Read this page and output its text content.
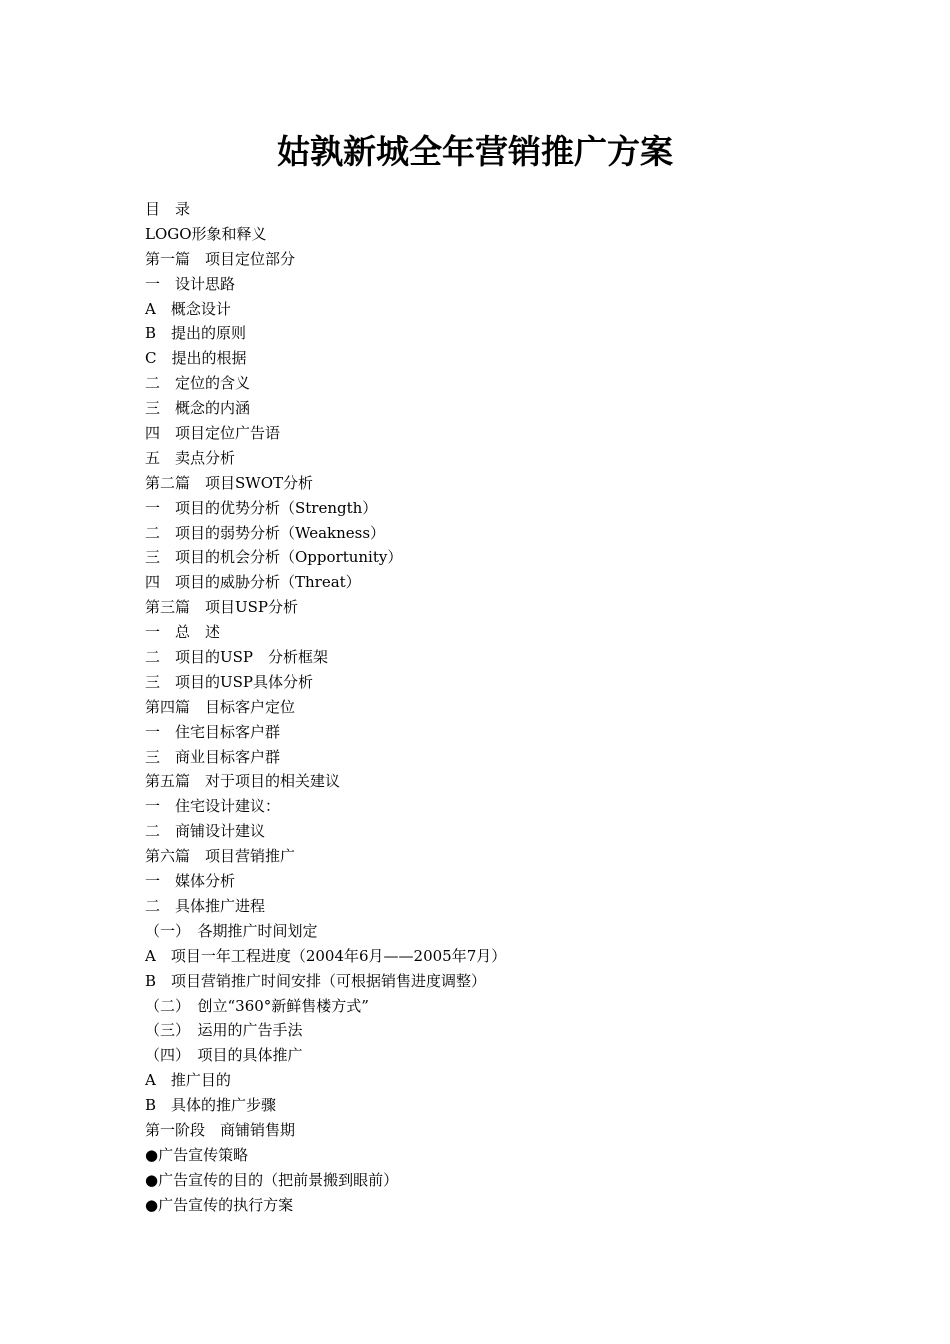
姑孰新城全年营销推广方案
目　录
LOGO形象和释义
第一篇　项目定位部分
一　设计思路
A　概念设计
B　提出的原则
C　提出的根据
二　定位的含义
三　概念的内涵
四　项目定位广告语
五　卖点分析
第二篇　项目SWOT分析
一　项目的优势分析（Strength）
二　项目的弱势分析（Weakness）
三　项目的机会分析（Opportunity）
四　项目的威胁分析（Threat）
第三篇　项目USP分析
一　总　述
二　项目的USP　分析框架
三　项目的USP具体分析
第四篇　目标客户定位
一　住宅目标客户群
三　商业目标客户群
第五篇　对于项目的相关建议
一　住宅设计建议：
二　商铺设计建议
第六篇　项目营销推广
一　媒体分析
二　具体推广进程
（一）　各期推广时间划定
A　项目一年工程进度（2004年6月——2005年7月）
B　项目营销推广时间安排（可根据销售进度调整）
（二）　创立“360°新鲜售楼方式”
（三）　运用的广告手法
（四）　项目的具体推广
A　推广目的
B　具体的推广步骤
第一阶段　商铺销售期
●广告宣传策略
●广告宣传的目的（把前景搬到眼前）
●广告宣传的执行方案
